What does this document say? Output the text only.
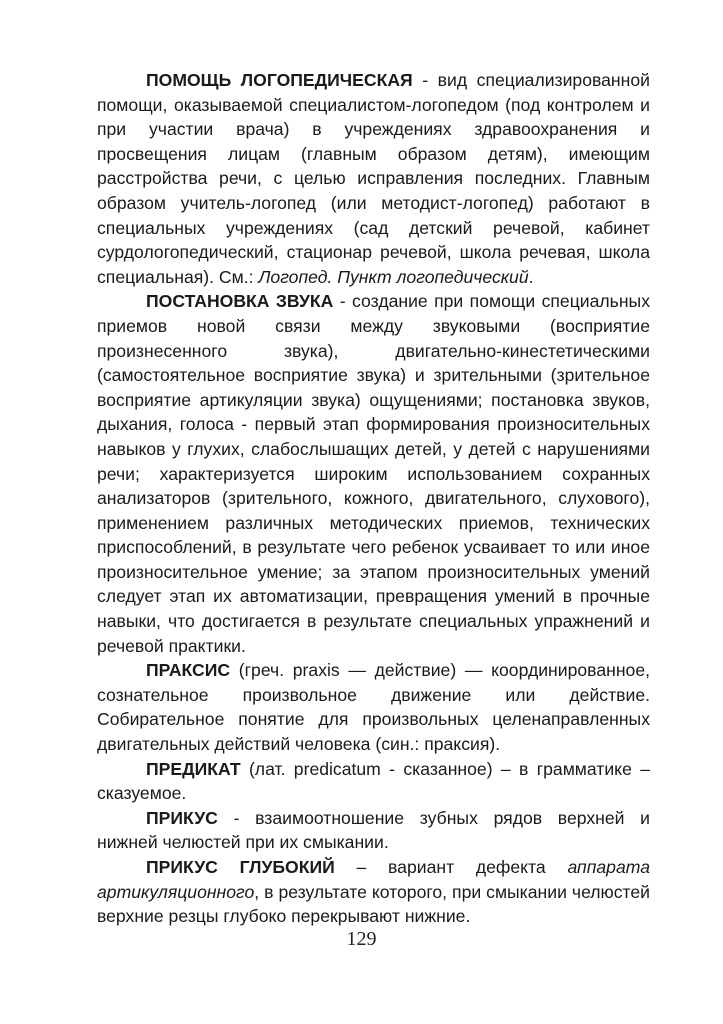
ПОМОЩЬ ЛОГОПЕДИЧЕСКАЯ - вид специализированной помощи, оказываемой специалистом-логопедом (под контролем и при участии врача) в учреждениях здравоохранения и просвещения лицам (главным образом детям), имеющим расстройства речи, с целью исправления последних. Главным образом учитель-логопед (или методист-логопед) работают в специальных учреждениях (сад детский речевой, кабинет сурдологопедический, стационар речевой, школа речевая, школа специальная). См.: Логопед. Пункт логопедический.

ПОСТАНОВКА ЗВУКА - создание при помощи специальных приемов новой связи между звуковыми (восприятие произнесенного звука), двигательно-кинестетическими (самостоятельное восприятие звука) и зрительными (зрительное восприятие артикуляции звука) ощущениями; постановка звуков, дыхания, голоса - первый этап формирования произносительных навыков у глухих, слабослышащих детей, у детей с нарушениями речи; характеризуется широким использованием сохранных анализаторов (зрительного, кожного, двигательного, слухового), применением различных методических приемов, технических приспособлений, в результате чего ребенок усваивает то или иное произносительное умение; за этапом произносительных умений следует этап их автоматизации, превращения умений в прочные навыки, что достигается в результате специальных упражнений и речевой практики.

ПРАКСИС (греч. praxis — действие) — координированное, сознательное произвольное движение или действие. Собирательное понятие для произвольных целенаправленных двигательных действий человека (син.: праксия).

ПРЕДИКАТ (лат. predicatum - сказанное) – в грамматике – сказуемое.

ПРИКУС - взаимоотношение зубных рядов верхней и нижней челюстей при их смыкании.

ПРИКУС ГЛУБОКИЙ – вариант дефекта аппарата артикуляционного, в результате которого, при смыкании челюстей верхние резцы глубоко перекрывают нижние.

129
